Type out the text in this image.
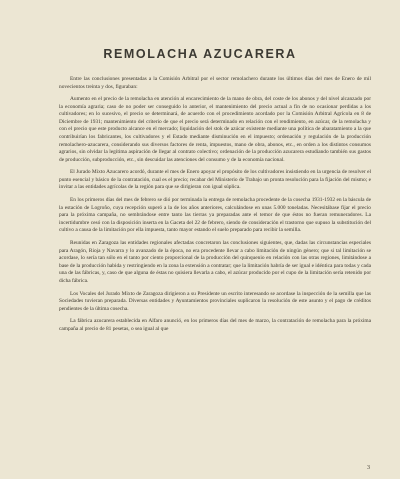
REMOLACHA AZUCARERA

Entre las conclusiones presentadas a la Comisión Arbitral por el sector remolachero durante los últimos días del mes de Enero de mil novecientos treinta y dos, figuraban:

Aumento en el precio de la remolacha en atención al encarecimiento de la mano de obra, del coste de los abonos y del nivel alcanzado por la economía agraria; caso de no poder ser conseguido lo anterior, el mantenimiento del precio actual a fin de no ocasionar perdidas a los cultivadores; en lo sucesivo, el precio se determinará, de acuerdo con el procedimiento acordado por la Comisión Arbitral Agrícola en 8 de Diciembre de 1931; mantenimiento del criterio de que el precio será determinado en relación con el rendimiento, en azúcar, de la remolacha y con el precio que este producto alcance en el mercado; liquidación del stok de azúcar existente mediante una política de abaratamiento a la que contribuirían los fabricantes, los cultivadores y el Estado mediante disminución en el impuesto; ordenación y regulación de la producción remolachero-azucarera, considerando sus diversos factores de renta, impuestos, mano de obra, abonos, etc., en orden a los distintos consumos agrarios, sin olvidar la legítima aspiración de llegar al contrato colectivo; ordenación de la producción azucarera estudiando también sus gastos de producción, subproducción, etc., sin descuidar las atenciones del consumo y de la economía nacional.

El Jurado Mixto Azucarero acordó, durante el mes de Enero apoyar el propósito de los cultivadores insistiendo en la urgencia de resolver el punto esencial y básico de la contratación, cual es el precio; recabar del Ministerio de Trabajo un pronta resolución para la fijación del mismo; e invitar a las entidades agrícolas de la región para que se dirigieran con igual súplica.

En los primeros días del mes de febrero se dió por terminada la entrega de remolacha procedente de la cosecha 1931-1932 en la báscula de la estación de Logroño, cuya recepción superó a la de los años anteriores, calculándose en unas 5.000 toneladas. Necesitábase fijar el precio para la próxima campaña, no sembrándose entre tanto las tierras ya preparadas ante el temor de que éstos no fueran remuneradores. La incertidumbre cesó con la disposición inserta en la Gaceta del 22 de febrero, siendo de consideración el trastorno que supuso la substitución del cultivo a causa de la limitación por ella impuesta, tanto mayor estando el suelo preparado para recibir la semilla.

Reunidas en Zaragoza las entidades regionales afectadas concretaron las conclusiones siguientes, que, dadas las circunstancias especiales para Aragón, Rioja y Navarra y lo avanzado de la época, no era procedente llevar a cabo limitación de ningún género; que si tal limitación se acordase, lo sería tan sólo en el tanto por ciento proporcional de la producción del quinquenio en relación con las otras regiones, limitándose a base de la producción habida y restringiendo en la zona la extensión a contratar; que la limitación habría de ser igual e idéntica para todas y cada una de las fábricas, y, caso de que alguna de éstas no quisiera llevarla a cabo, el azúcar producido por el cupo de la limitación sería retenido por dicha fábrica.

Los Vocales del Jurado Mixto de Zaragoza dirigieron a su Presidente un escrito interesando se acordase la inspección de la semilla que las Sociedades tuvieran preparada. Diversas entidades y Ayuntamientos provinciales suplicaron la resolución de este asunto y el pago de créditos pendientes de la última cosecha.

La fábrica azucarera establecida en Alfaro anunció, en los primeros días del mes de marzo, la contratación de remolacha para la próxima campaña al precio de 81 pesetas, o sea igual al que

3
